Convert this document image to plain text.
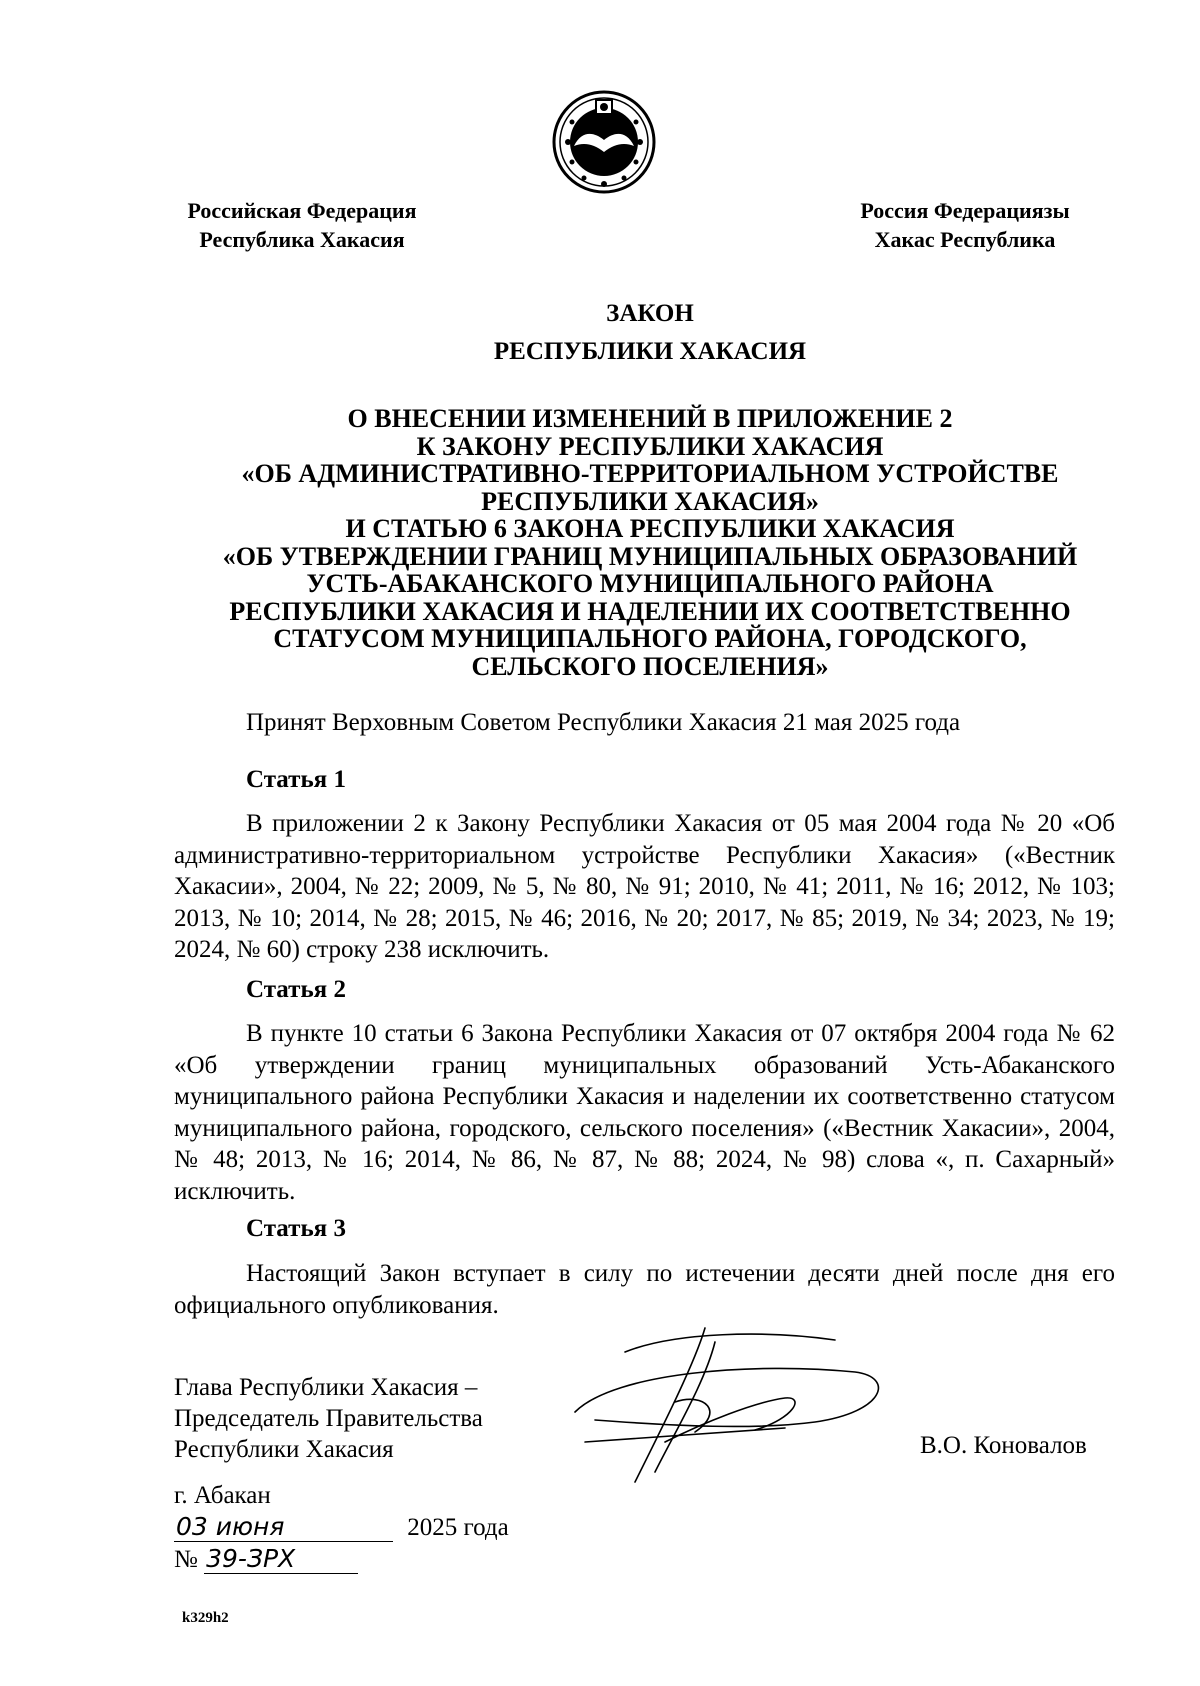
Российская Федерация
Республика Хакасия
Россия Федерациязы
Хакас Республика
ЗАКОН
РЕСПУБЛИКИ ХАКАСИЯ
О ВНЕСЕНИИ ИЗМЕНЕНИЙ В ПРИЛОЖЕНИЕ 2
К ЗАКОНУ РЕСПУБЛИКИ ХАКАСИЯ
«ОБ АДМИНИСТРАТИВНО-ТЕРРИТОРИАЛЬНОМ УСТРОЙСТВЕ
РЕСПУБЛИКИ ХАКАСИЯ»
И СТАТЬЮ 6 ЗАКОНА РЕСПУБЛИКИ ХАКАСИЯ
«ОБ УТВЕРЖДЕНИИ ГРАНИЦ МУНИЦИПАЛЬНЫХ ОБРАЗОВАНИЙ
УСТЬ-АБАКАНСКОГО МУНИЦИПАЛЬНОГО РАЙОНА
РЕСПУБЛИКИ ХАКАСИЯ И НАДЕЛЕНИИ ИХ СООТВЕТСТВЕННО
СТАТУСОМ МУНИЦИПАЛЬНОГО РАЙОНА, ГОРОДСКОГО,
СЕЛЬСКОГО ПОСЕЛЕНИЯ»
Принят Верховным Советом Республики Хакасия 21 мая 2025 года
Статья 1
В приложении 2 к Закону Республики Хакасия от 05 мая 2004 года № 20 «Об административно-территориальном устройстве Республики Хакасия» («Вестник Хакасии», 2004, № 22; 2009, № 5, № 80, № 91; 2010, № 41; 2011, № 16; 2012, № 103; 2013, № 10; 2014, № 28; 2015, № 46; 2016, № 20; 2017, № 85; 2019, № 34; 2023, № 19; 2024, № 60) строку 238 исключить.
Статья 2
В пункте 10 статьи 6 Закона Республики Хакасия от 07 октября 2004 года № 62 «Об утверждении границ муниципальных образований Усть-Абаканского муниципального района Республики Хакасия и наделении их соответственно статусом муниципального района, городского, сельского поселения» («Вестник Хакасии», 2004, № 48; 2013, № 16; 2014, № 86, № 87, № 88; 2024, № 98) слова «, п. Сахарный» исключить.
Статья 3
Настоящий Закон вступает в силу по истечении десяти дней после дня его официального опубликования.
Глава Республики Хакасия –
Председатель Правительства
Республики Хакасия	В.О. Коновалов
г. Абакан
03 июня	2025 года
№ 39-ЗРХ
k329h2
